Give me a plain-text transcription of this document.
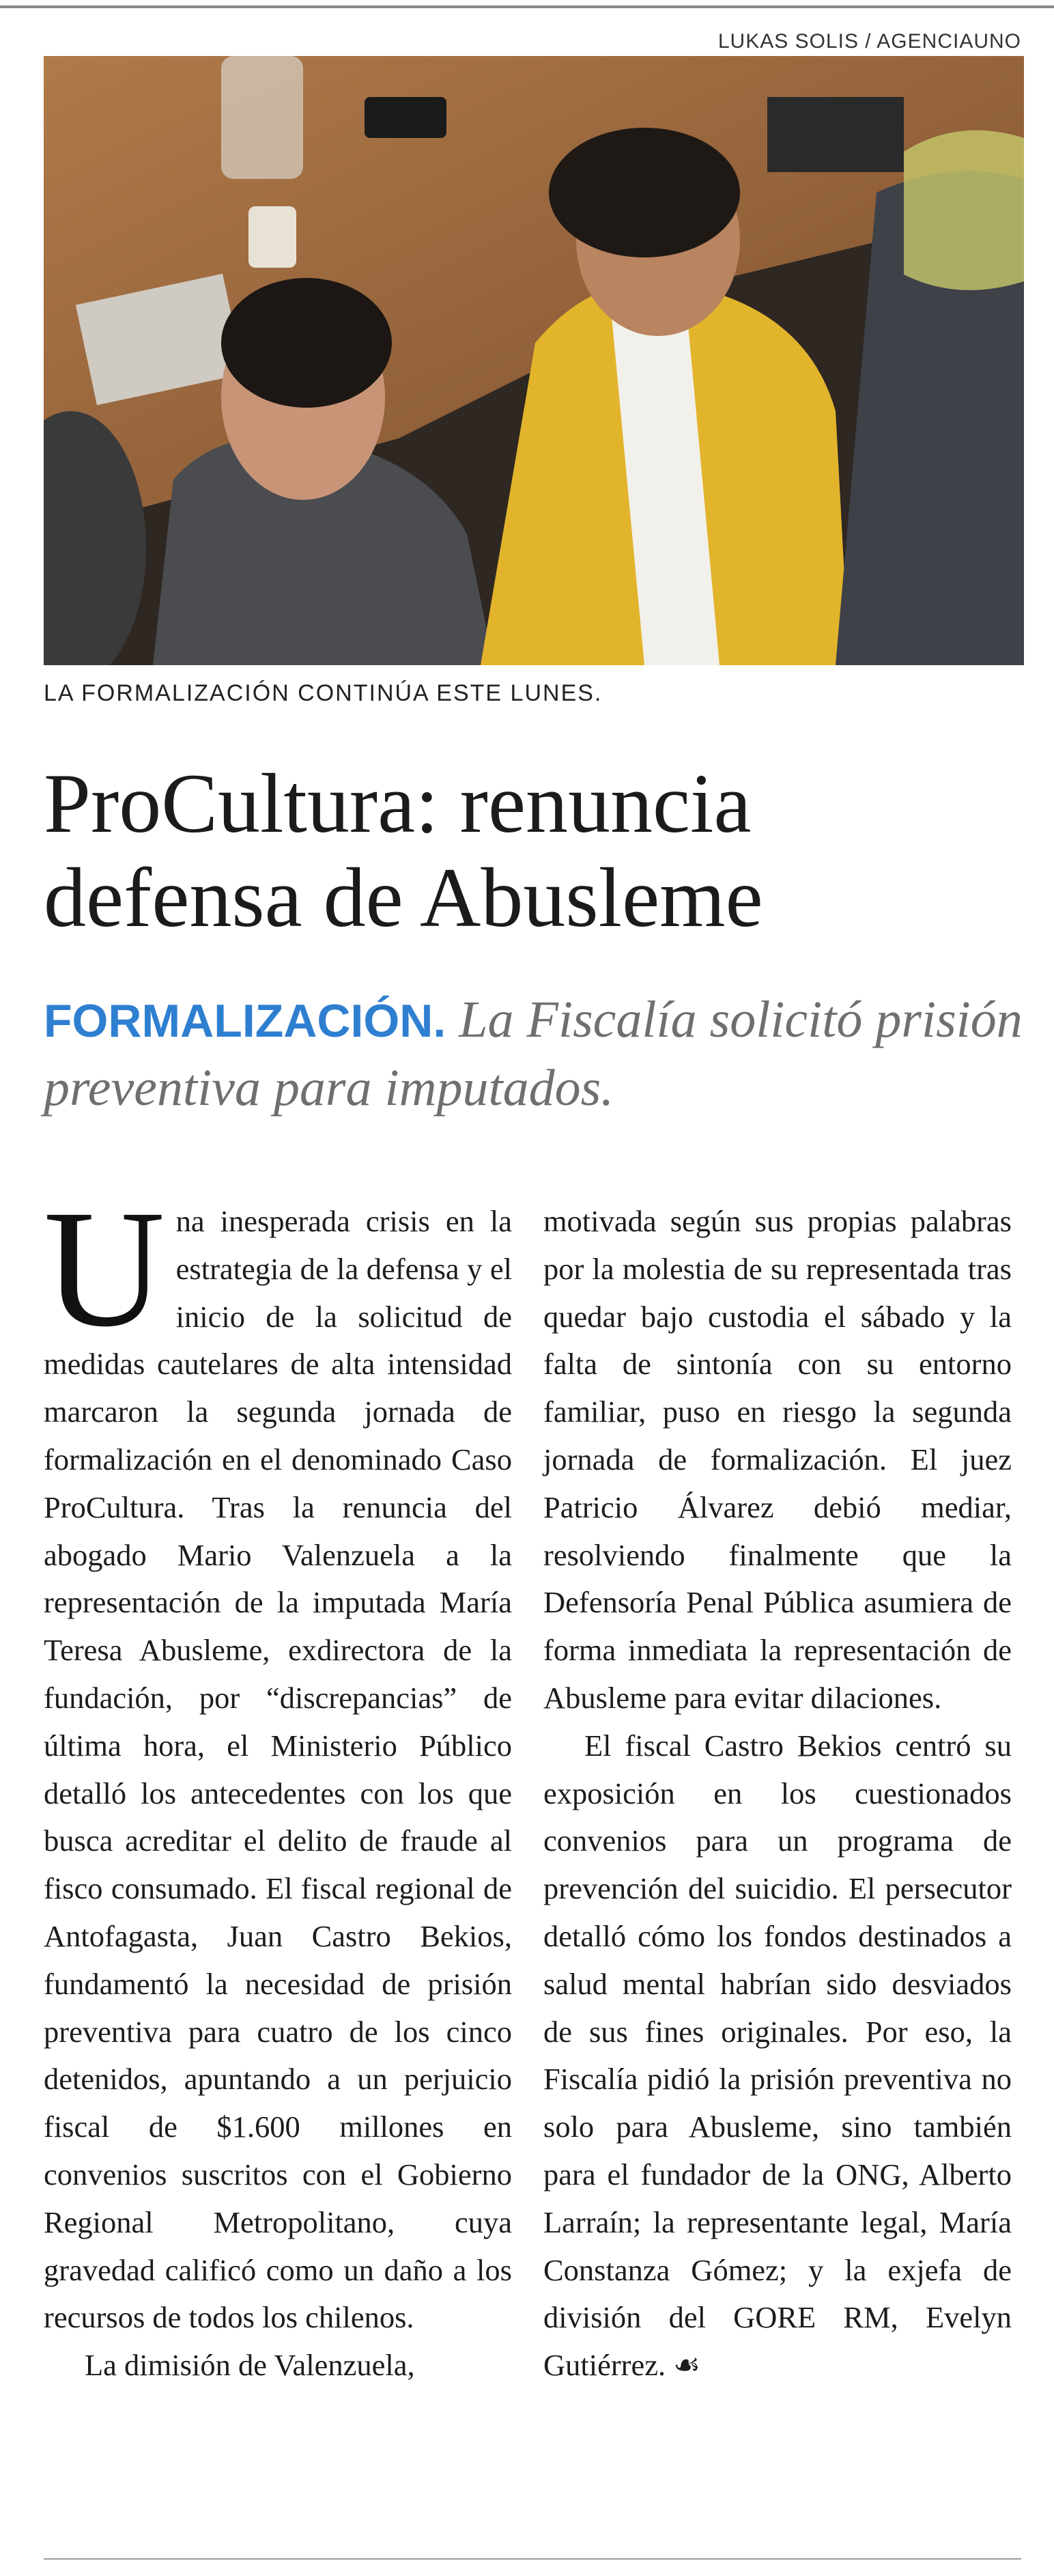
LUKAS SOLIS / AGENCIAUNO
LA FORMALIZACIÓN CONTINÚA ESTE LUNES.
ProCultura: renuncia
defensa de Abusleme
FORMALIZACIÓN. La Fiscalía solicitó prisión preventiva para imputados.

Una inesperada crisis en la estrategia de la defensa y el inicio de la solicitud de medidas cautelares de alta intensidad marcaron la segunda jornada de formalización en el denominado Caso ProCultura. Tras la renuncia del abogado Mario Valenzuela a la representación de la imputada María Teresa Abusleme, exdirectora de la fundación, por “discrepancias” de última hora, el Ministerio Público detalló los antecedentes con los que busca acreditar el delito de fraude al fisco consumado. El fiscal regional de Antofagasta, Juan Castro Bekios, fundamentó la necesidad de prisión preventiva para cuatro de los cinco detenidos, apuntando a un perjuicio fiscal de $1.600 millones en convenios suscritos con el Gobierno Regional Metropolitano, cuya gravedad calificó como un daño a los recursos de todos los chilenos.

La dimisión de Valenzuela,

motivada según sus propias palabras por la molestia de su representada tras quedar bajo custodia el sábado y la falta de sintonía con su entorno familiar, puso en riesgo la segunda jornada de formalización. El juez Patricio Álvarez debió mediar, resolviendo finalmente que la Defensoría Penal Pública asumiera de forma inmediata la representación de Abusleme para evitar dilaciones.

El fiscal Castro Bekios centró su exposición en los cuestionados convenios para un programa de prevención del suicidio. El persecutor detalló cómo los fondos destinados a salud mental habrían sido desviados de sus fines originales. Por eso, la Fiscalía pidió la prisión preventiva no solo para Abusleme, sino también para el fundador de la ONG, Alberto Larraín; la representante legal, María Constanza Gómez; y la exjefa de división del GORE RM, Evelyn Gutiérrez. ☙
